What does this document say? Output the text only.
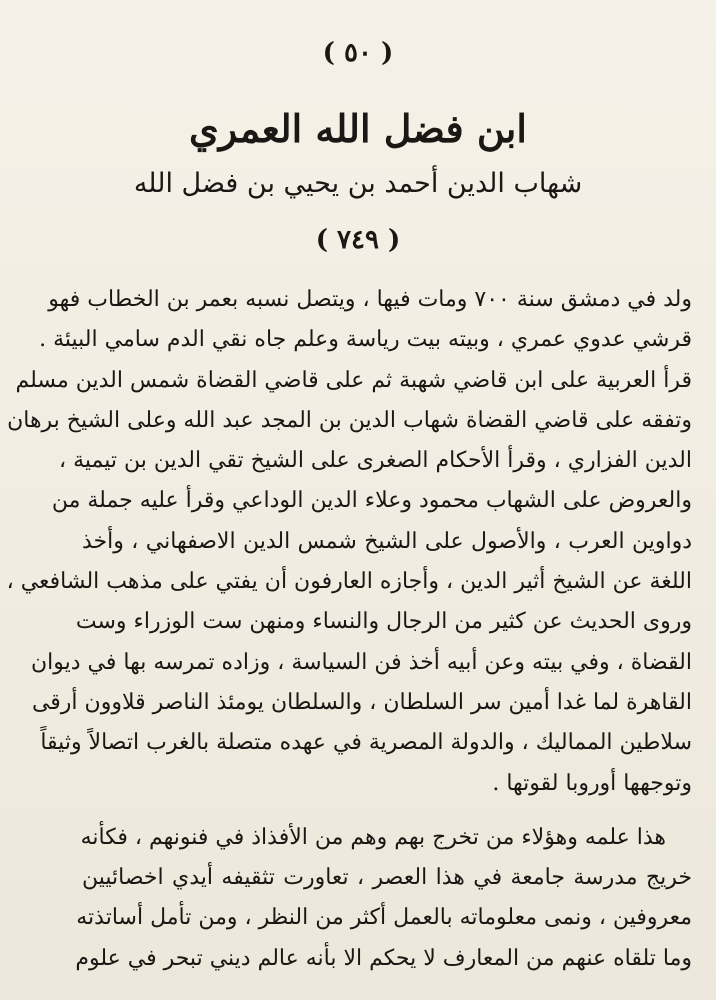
( ٥٠ )
ابن فضل الله العمري
شهاب الدين أحمد بن يحيي بن فضل الله
( ٧٤٩ )
ولد في دمشق سنة ٧٠٠ ومات فيها ، ويتصل نسبه بعمر بن الخطاب فهو
قرشي عدوي عمري ، وبيته بيت رياسة وعلم جاه نقي الدم سامي البيئة .
قرأ العربية على ابن قاضي شهبة ثم على قاضي القضاة شمس الدين مسلم
وتفقه على قاضي القضاة شهاب الدين بن المجد عبد الله وعلى الشيخ برهان
الدين الفزاري ، وقرأ الأحكام الصغرى على الشيخ تقي الدين بن تيمية ،
والعروض على الشهاب محمود وعلاء الدين الوداعي وقرأ عليه جملة من
دواوين العرب ، والأصول على الشيخ شمس الدين الاصفهاني ، وأخذ
اللغة عن الشيخ أثير الدين ، وأجازه العارفون أن يفتي على مذهب الشافعي ،
وروى الحديث عن كثير من الرجال والنساء ومنهن ست الوزراء وست
القضاة ، وفي بيته وعن أبيه أخذ فن السياسة ، وزاده تمرسه بها في ديوان
القاهرة لما غدا أمين سر السلطان ، والسلطان يومئذ الناصر قلاوون أرقى
سلاطين المماليك ، والدولة المصرية في عهده متصلة بالغرب اتصالاً وثيقاً
وتوجهها أوروبا لقوتها .
هذا علمه وهؤلاء من تخرج بهم وهم من الأفذاذ في فنونهم ، فكأنه
خريج مدرسة جامعة في هذا العصر ، تعاورت تثقيفه أيدي اخصائيين
معروفين ، ونمى معلوماته بالعمل أكثر من النظر ، ومن تأمل أساتذته
وما تلقاه عنهم من المعارف لا يحكم الا بأنه عالم ديني تبحر في علوم
